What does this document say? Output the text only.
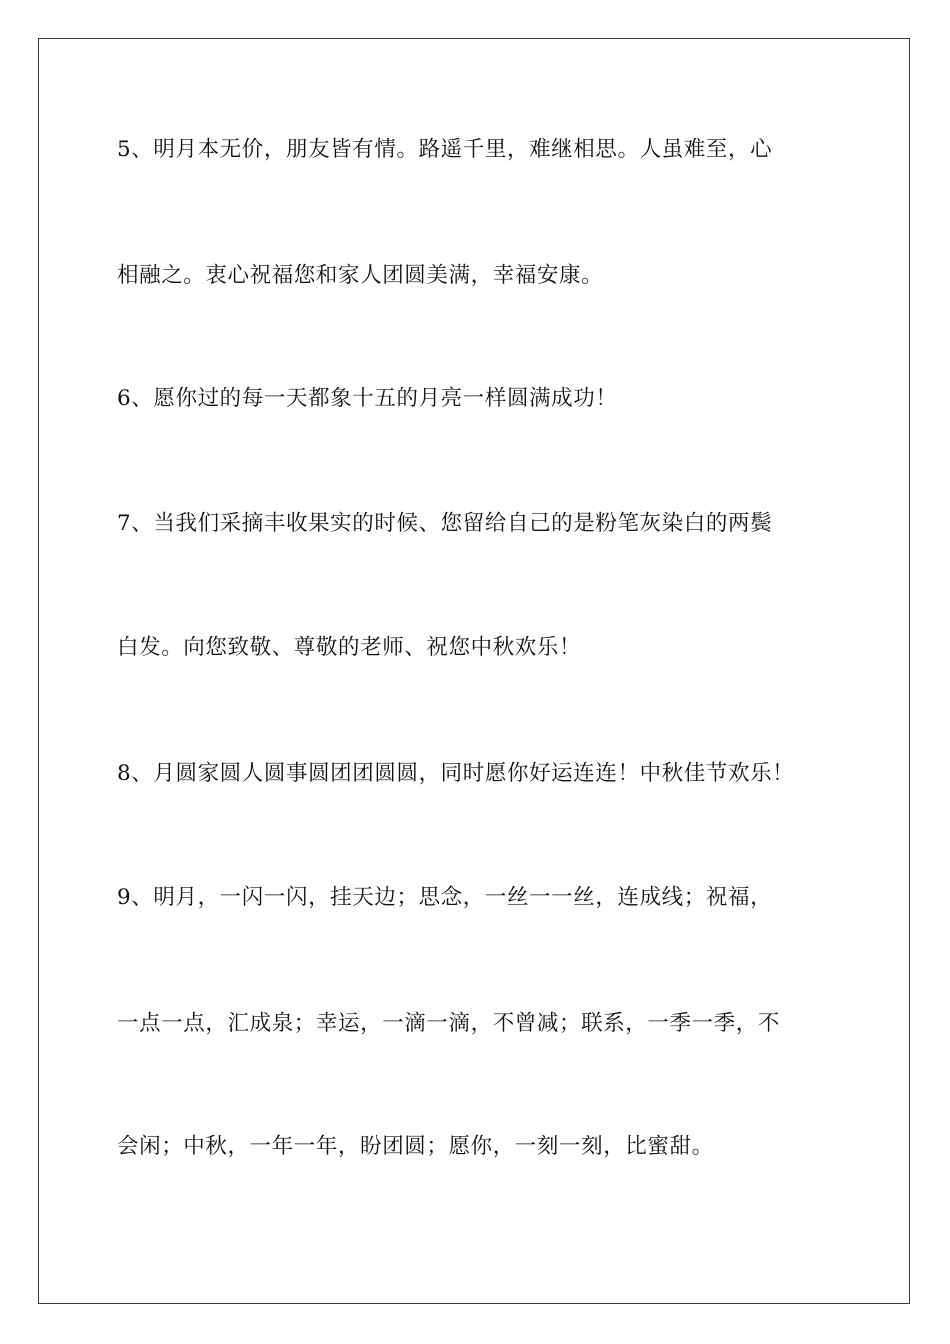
5、明月本无价，朋友皆有情。路遥千里，难继相思。人虽难至，心
相融之。衷心祝福您和家人团圆美满，幸福安康。
6、愿你过的每一天都象十五的月亮一样圆满成功！
7、当我们采摘丰收果实的时候、您留给自己的是粉笔灰染白的两鬓
白发。向您致敬、尊敬的老师、祝您中秋欢乐！
8、月圆家圆人圆事圆团团圆圆，同时愿你好运连连！中秋佳节欢乐！
9、明月，一闪一闪，挂天边；思念，一丝一一丝，连成线；祝福，
一点一点，汇成泉；幸运，一滴一滴，不曾减；联系，一季一季，不
会闲；中秋，一年一年，盼团圆；愿你，一刻一刻，比蜜甜。
